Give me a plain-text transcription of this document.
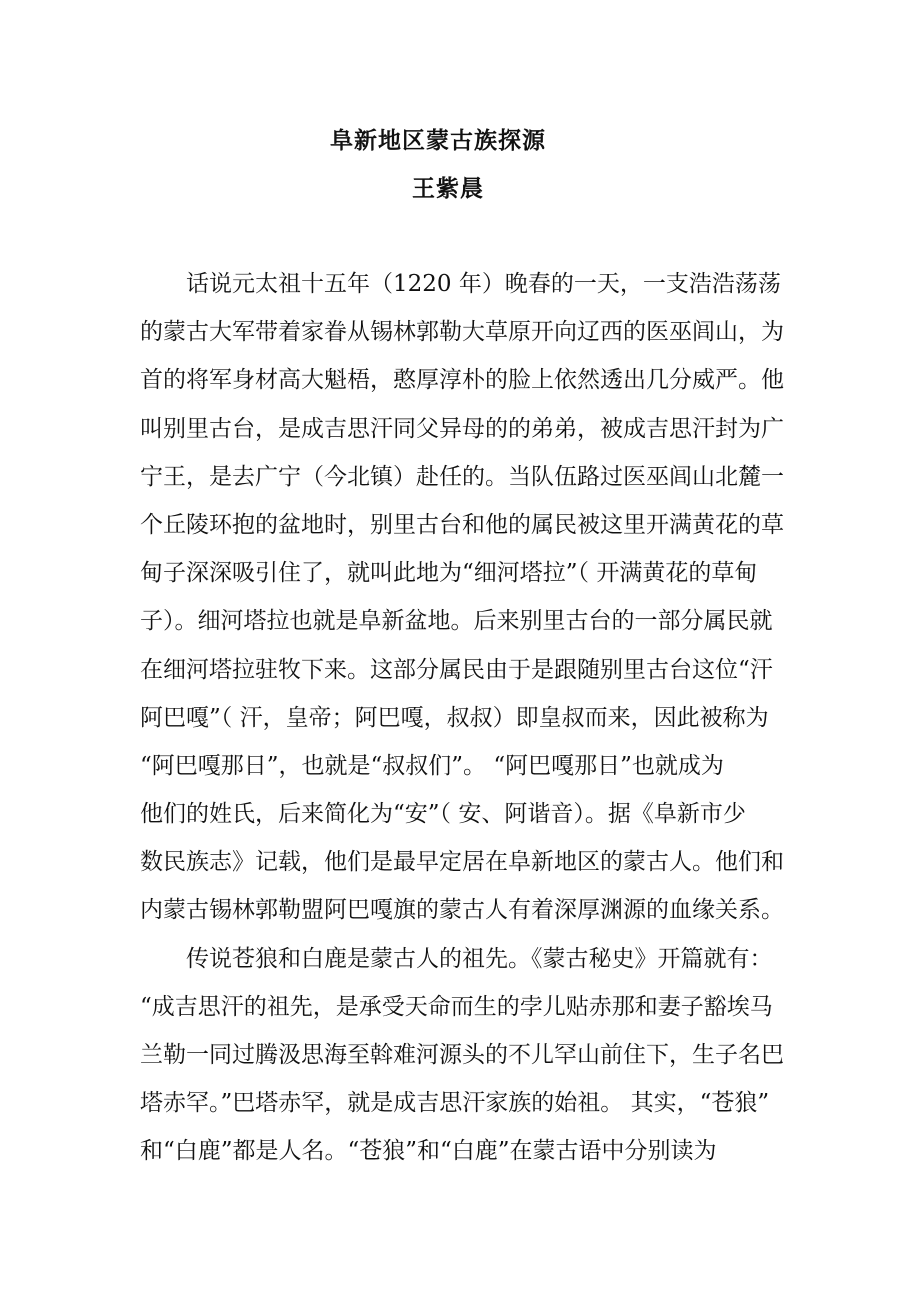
阜新地区蒙古族探源
王紫晨
话说元太祖十五年（1220 年）晚春的一天，一支浩浩荡荡
的蒙古大军带着家眷从锡林郭勒大草原开向辽西的医巫闾山，为
首的将军身材高大魁梧，憨厚淳朴的脸上依然透出几分威严。他
叫别里古台，是成吉思汗同父异母的的弟弟，被成吉思汗封为广
宁王，是去广宁（今北镇）赴任的。当队伍路过医巫闾山北麓一
个丘陵环抱的盆地时，别里古台和他的属民被这里开满黄花的草
甸子深深吸引住了，就叫此地为“细河塔拉”（ 开满黄花的草甸
子）。细河塔拉也就是阜新盆地。后来别里古台的一部分属民就
在细河塔拉驻牧下来。这部分属民由于是跟随别里古台这位“汗
阿巴嘎”（ 汗，皇帝；阿巴嘎，叔叔）即皇叔而来，因此被称为
“阿巴嘎那日”，也就是“叔叔们”。 “阿巴嘎那日”也就成为
他们的姓氏，后来简化为“安”（ 安、阿谐音）。据《阜新市少
数民族志》记载，他们是最早定居在阜新地区的蒙古人。他们和
内蒙古锡林郭勒盟阿巴嘎旗的蒙古人有着深厚渊源的血缘关系。
传说苍狼和白鹿是蒙古人的祖先。《蒙古秘史》开篇就有：
“成吉思汗的祖先，是承受天命而生的孛儿贴赤那和妻子豁埃马
兰勒一同过腾汲思海至斡难河源头的不儿罕山前住下，生子名巴
塔赤罕。”巴塔赤罕，就是成吉思汗家族的始祖。 其实，“苍狼”
和“白鹿”都是人名。“苍狼”和“白鹿”在蒙古语中分别读为
